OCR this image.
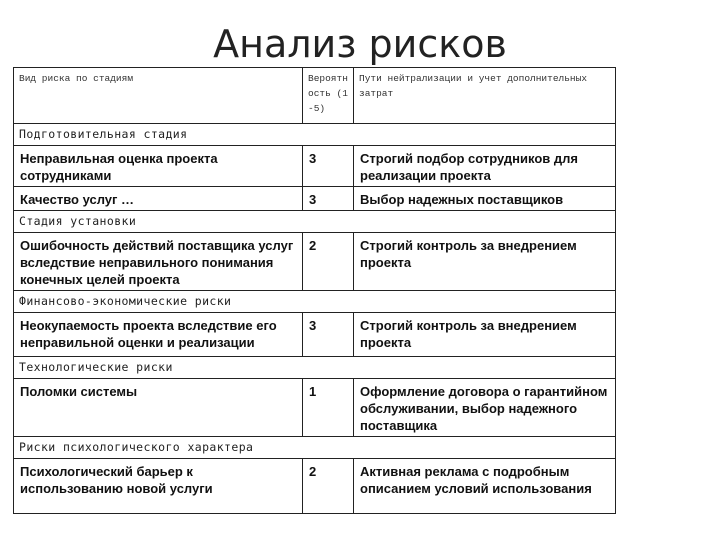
Анализ рисков
Вид риска по стадиям	Вероятность (1-5)	Пути нейтрализации и учет дополнительных затрат
Подготовительная стадия		
Неправильная оценка проекта сотрудниками	3	Строгий подбор сотрудников для реализации проекта
Качество услуг …	3	Выбор надежных поставщиков
Стадия установки		
Ошибочность действий поставщика услуг вследствие неправильного понимания конечных целей проекта	2	Строгий контроль за внедрением проекта
Финансово-экономические риски		
Неокупаемость проекта вследствие его неправильной оценки и реализации	3	Строгий контроль за внедрением проекта
Технологические риски		
Поломки системы	1	Оформление договора о гарантийном обслуживании, выбор надежного поставщика
Риски психологического характера		
Психологический барьер к использованию новой услуги	2	Активная реклама с подробным описанием условий использования
